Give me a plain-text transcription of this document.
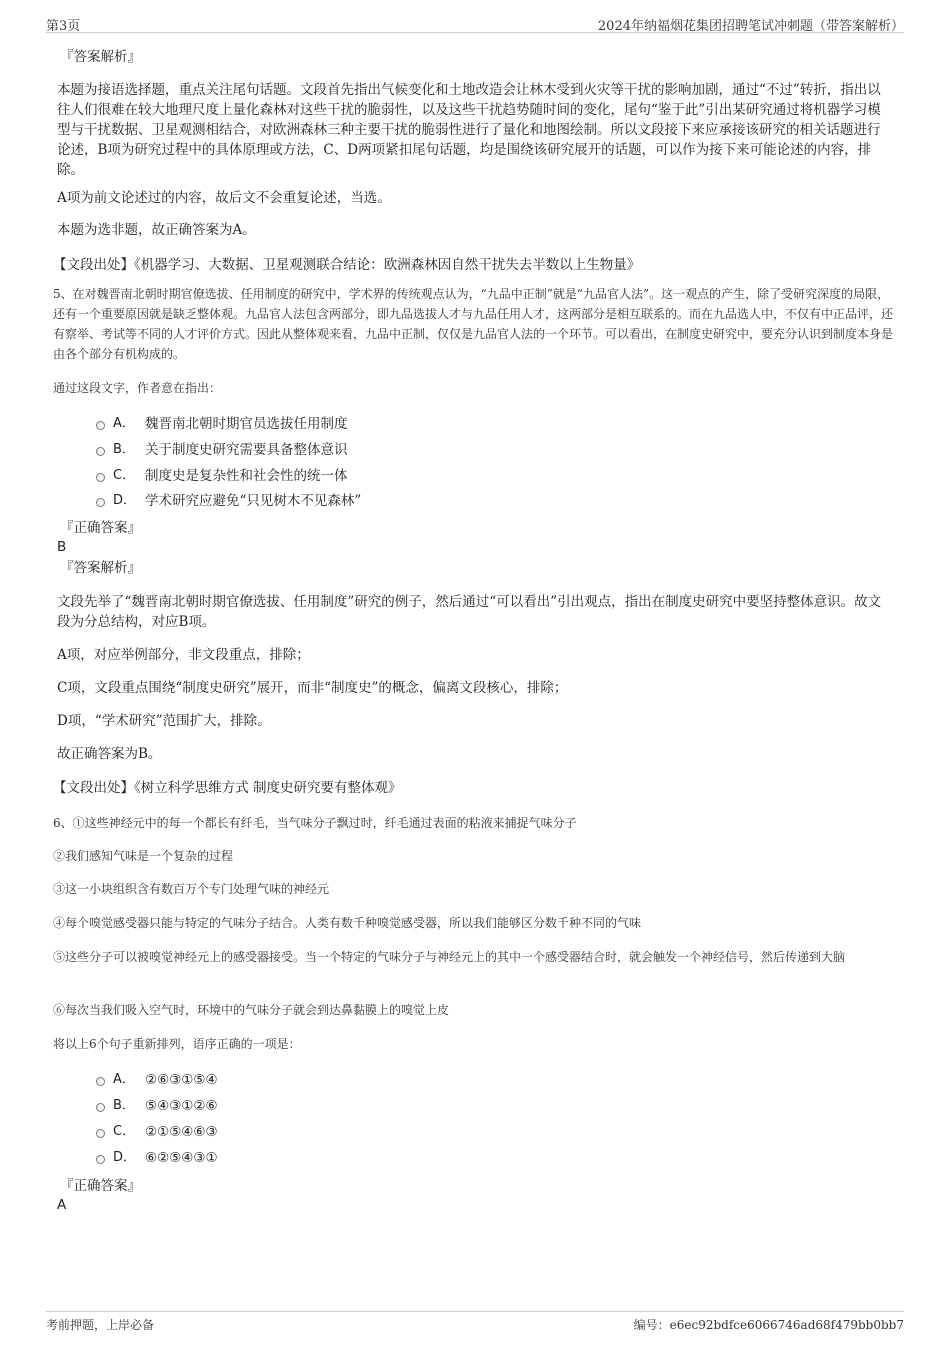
第3页	2024年纳福烟花集团招聘笔试冲刺题（带答案解析）
『答案解析』

本题为接语选择题，重点关注尾句话题。文段首先指出气候变化和土地改造会让林木受到火灾等干扰的影响加剧，通过“不过”转折，指出以往人们很难在较大地理尺度上量化森林对这些干扰的脆弱性，以及这些干扰趋势随时间的变化，尾句“鉴于此”引出某研究通过将机器学习模型与干扰数据、卫星观测相结合，对欧洲森林三种主要干扰的脆弱性进行了量化和地图绘制。所以文段接下来应承接该研究的相关话题进行论述，B项为研究过程中的具体原理或方法，C、D两项紧扣尾句话题，均是围绕该研究展开的话题，可以作为接下来可能论述的内容，排除。

A项为前文论述过的内容，故后文不会重复论述，当选。

本题为选非题，故正确答案为A。

【文段出处】《机器学习、大数据、卫星观测联合结论：欧洲森林因自然干扰失去半数以上生物量》

5、在对魏晋南北朝时期官僚选拔、任用制度的研究中，学术界的传统观点认为，“九品中正制”就是“九品官人法”。这一观点的产生，除了受研究深度的局限，还有一个重要原因就是缺乏整体观。九品官人法包含两部分，即九品选拔人才与九品任用人才，这两部分是相互联系的。而在九品选人中，不仅有中正品评，还有察举、考试等不同的人才评价方式。因此从整体观来看，九品中正制，仅仅是九品官人法的一个环节。可以看出，在制度史研究中，要充分认识到制度本身是由各个部分有机构成的。

通过这段文字，作者意在指出：

A． 魏晋南北朝时期官员选拔任用制度
B． 关于制度史研究需要具备整体意识
C． 制度史是复杂性和社会性的统一体
D． 学术研究应避免“只见树木不见森林”
『正确答案』
B
『答案解析』

文段先举了“魏晋南北朝时期官僚选拔、任用制度”研究的例子，然后通过“可以看出”引出观点，指出在制度史研究中要坚持整体意识。故文段为分总结构，对应B项。

A项，对应举例部分，非文段重点，排除；

C项，文段重点围绕“制度史研究”展开，而非“制度史”的概念，偏离文段核心，排除；

D项，“学术研究”范围扩大，排除。

故正确答案为B。

【文段出处】《树立科学思维方式 制度史研究要有整体观》

6、①这些神经元中的每一个都长有纤毛，当气味分子飘过时，纤毛通过表面的粘液来捕捉气味分子

②我们感知气味是一个复杂的过程

③这一小块组织含有数百万个专门处理气味的神经元

④每个嗅觉感受器只能与特定的气味分子结合。人类有数千种嗅觉感受器，所以我们能够区分数千种不同的气味

⑤这些分子可以被嗅觉神经元上的感受器接受。当一个特定的气味分子与神经元上的其中一个感受器结合时，就会触发一个神经信号，然后传递到大脑

⑥每次当我们吸入空气时，环境中的气味分子就会到达鼻黏膜上的嗅觉上皮

将以上6个句子重新排列，语序正确的一项是：

A． ②⑥③①⑤④
B． ⑤④③①②⑥
C． ②①⑤④⑥③
D． ⑥②⑤④③①
『正确答案』
A
考前押题，上岸必备	编号：e6ec92bdfce6066746ad68f479bb0bb7
